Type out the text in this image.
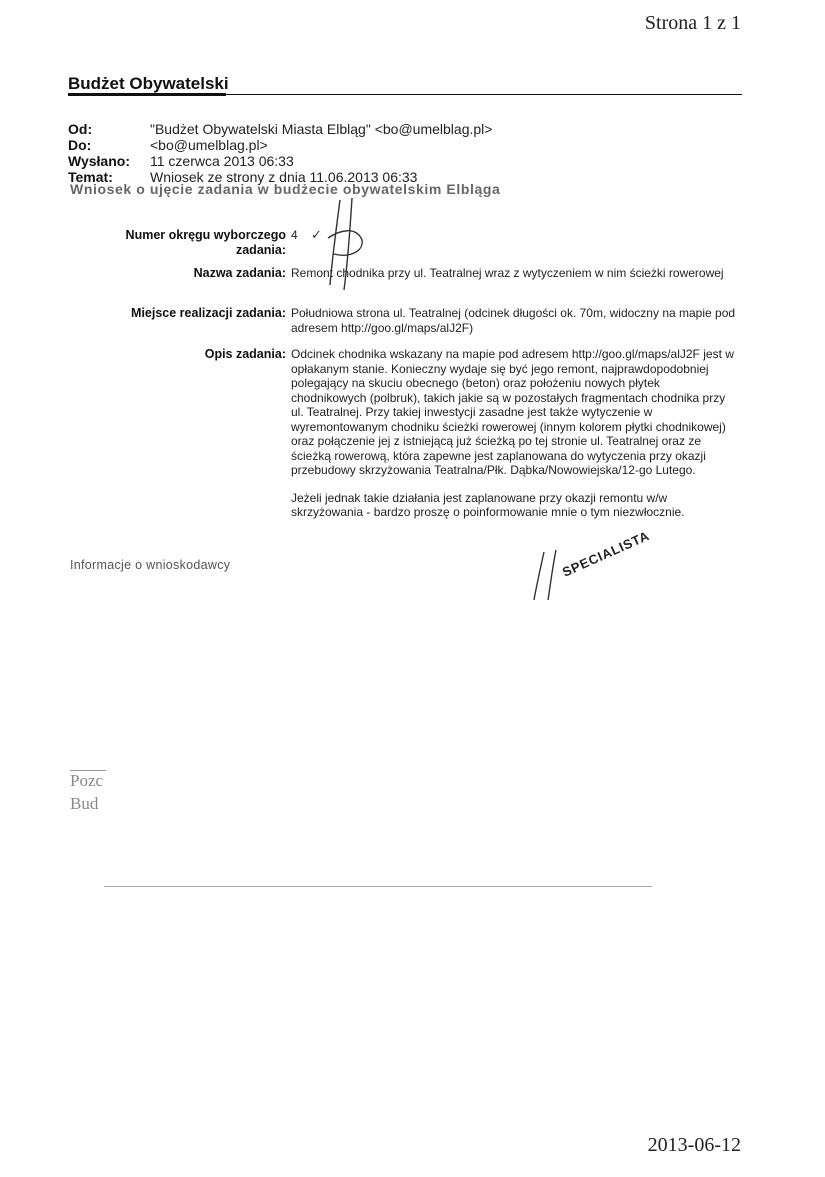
Strona 1 z 1
Budżet Obywatelski
Od:	"Budżet Obywatelski Miasta Elbląg" <bo@umelblag.pl>
Do:	<bo@umelblag.pl>
Wysłano:	11 czerwca 2013 06:33
Temat:	Wniosek ze strony z dnia 11.06.2013 06:33
Wniosek o ujęcie zadania w budżecie obywatelskim Elbląga
Numer okręgu wyborczego
zadania:
4 ✓
Nazwa zadania: Remont chodnika przy ul. Teatralnej wraz z wytyczeniem w nim ścieżki rowerowej
Miejsce realizacji zadania: Południowa strona ul. Teatralnej (odcinek długości ok. 70m, widoczny na mapie pod adresem http://goo.gl/maps/alJ2F)
Opis zadania: Odcinek chodnika wskazany na mapie pod adresem http://goo.gl/maps/alJ2F jest w opłakanym stanie. Konieczny wydaje się być jego remont, najprawdopodobniej polegający na skuciu obecnego (beton) oraz położeniu nowych płytek chodnikowych (polbruk), takich jakie są w pozostałych fragmentach chodnika przy ul. Teatralnej. Przy takiej inwestycji zasadne jest także wytyczenie w wyremontowanym chodniku ścieżki rowerowej (innym kolorem płytki chodnikowej) oraz połączenie jej z istniejącą już ścieżką po tej stronie ul. Teatralnej oraz ze ścieżką rowerową, która zapewne jest zaplanowana do wytyczenia przy okazji przebudowy skrzyżowania Teatralna/Płk. Dąbka/Nowowiejska/12-go Lutego.

Jeżeli jednak takie działania jest zaplanowane przy okazji remontu w/w skrzyżowania - bardzo proszę o poinformowanie mnie o tym niezwłocznie.

Informacje o wnioskodawcy	SPECIALISTA
Pozc
Bud
2013-06-12
